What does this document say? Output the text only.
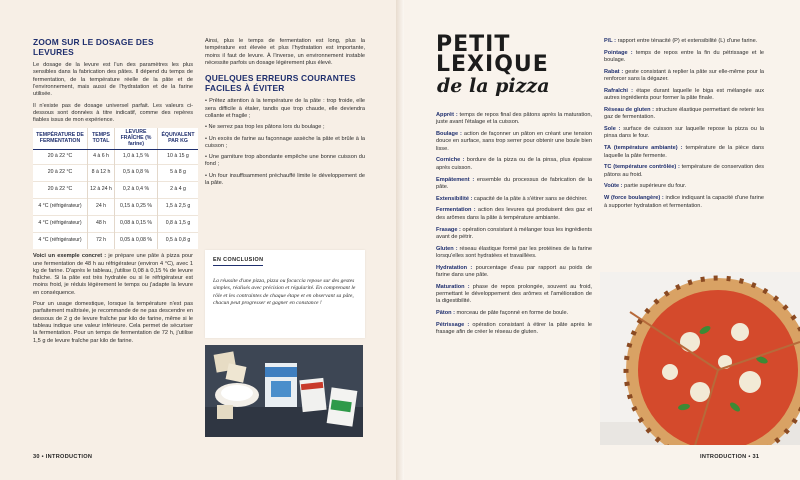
ZOOM SUR LE DOSAGE DES LEVURES

Le dosage de la levure est l'un des paramètres les plus sensibles dans la fabrication des pâtes. Il dépend du temps de fermentation, de la température réelle de la pâte et de l'environnement, mais aussi de l'hydratation et de la farine utilisée.

Il n'existe pas de dosage universel parfait. Les valeurs ci-dessous sont données à titre indicatif, comme des repères fiables issus de mon expérience.

TEMPÉRATURE DE FERMENTATION	TEMPS TOTAL	LEVURE FRAÎCHE (% farine)	ÉQUIVALENT PAR KG
20 à 22 °C	4 à 6 h	1,0 à 1,5 %	10 à 15 g
20 à 22 °C	8 à 12 h	0,5 à 0,8 %	5 à 8 g
20 à 22 °C	12 à 24 h	0,2 à 0,4 %	2 à 4 g
4 °C (réfrigérateur)	24 h	0,15 à 0,25 %	1,5 à 2,5 g
4 °C (réfrigérateur)	48 h	0,08 à 0,15 %	0,8 à 1,5 g
4 °C (réfrigérateur)	72 h	0,05 à 0,08 %	0,5 à 0,8 g

Voici un exemple concret : je prépare une pâte à pizza pour une fermentation de 48 h au réfrigérateur (environ 4 °C), avec 1 kg de farine. D'après le tableau, j'utilise 0,08 à 0,15 % de levure fraîche. Si la pâte est très hydratée ou si le réfrigérateur est moins froid, je réduis légèrement le temps ou j'adapte la levure en conséquence.

Pour un usage domestique, lorsque la température n'est pas parfaitement maîtrisée, je recommande de ne pas descendre en dessous de 2 g de levure fraîche par kilo de farine, même si le tableau indique une valeur inférieure. Cela permet de sécuriser la fermentation. Pour un temps de fermentation de 72 h, j'utilise 1,5 g de levure fraîche par kilo de farine.

Ainsi, plus le temps de fermentation est long, plus la température est élevée et plus l'hydratation est importante, moins il faut de levure. À l'inverse, un environnement instable nécessite parfois un dosage légèrement plus élevé.

QUELQUES ERREURS COURANTES FACILES À ÉVITER

• Prêtez attention à la température de la pâte : trop froide, elle sera difficile à étaler, tandis que trop chaude, elle deviendra collante et fragile ;

• Ne serrez pas trop les pâtons lors du boulage ;

• Un excès de farine au façonnage assèche la pâte et brûle à la cuisson ;

• Une garniture trop abondante empêche une bonne cuisson du fond ;

• Un four insuffisamment préchauffé limite le développement de la pâte.

EN CONCLUSION
La réussite d'une pizza, pizza ou focaccia repose sur des gestes simples, réalisés avec précision et régularité. En comprenant le rôle et les contraintes de chaque étape et en observant sa pâte, chacun peut progresser et gagner en constance !
30 • INTRODUCTION
PETIT
LEXIQUE
de la pizza

Apprêt : temps de repos final des pâtons après la maturation, juste avant l'étalage et la cuisson.

Boulage : action de façonner un pâton en créant une tension douce en surface, sans trop serrer pour obtenir une boule bien lisse.

Corniche : bordure de la pizza ou de la pinsa, plus épaisse après cuisson.

Empâtement : ensemble du processus de fabrication de la pâte.

Extensibilité : capacité de la pâte à s'étirer sans se déchirer.

Fermentation : action des levures qui produisent des gaz et des arômes dans la pâte à température ambiante.

Frasage : opération consistant à mélanger tous les ingrédients avant de pétrir.

Gluten : réseau élastique formé par les protéines de la farine lorsqu'elles sont hydratées et travaillées.

Hydratation : pourcentage d'eau par rapport au poids de farine dans une pâte.

Maturation : phase de repos prolongée, souvent au froid, permettant le développement des arômes et l'amélioration de la digestibilité.

Pâton : morceau de pâte façonné en forme de boule.

Pétrissage : opération consistant à étirer la pâte après le frasage afin de créer le réseau de gluten.

P/L : rapport entre ténacité (P) et extensibilité (L) d'une farine.

Pointage : temps de repos entre la fin du pétrissage et le boulage.

Rabat : geste consistant à replier la pâte sur elle-même pour la renforcer sans la dégazer.

Rafraîchi : étape durant laquelle le biga est mélangée aux autres ingrédients pour former la pâte finale.

Réseau de gluten : structure élastique permettant de retenir les gaz de fermentation.

Sole : surface de cuisson sur laquelle repose la pizza ou la pinsa dans le four.

TA (température ambiante) : température de la pièce dans laquelle la pâte fermente.

TC (température contrôlée) : température de conservation des pâtons au froid.

Voûte : partie supérieure du four.

W (force boulangère) : indice indiquant la capacité d'une farine à supporter hydratation et fermentation.

INTRODUCTION • 31
